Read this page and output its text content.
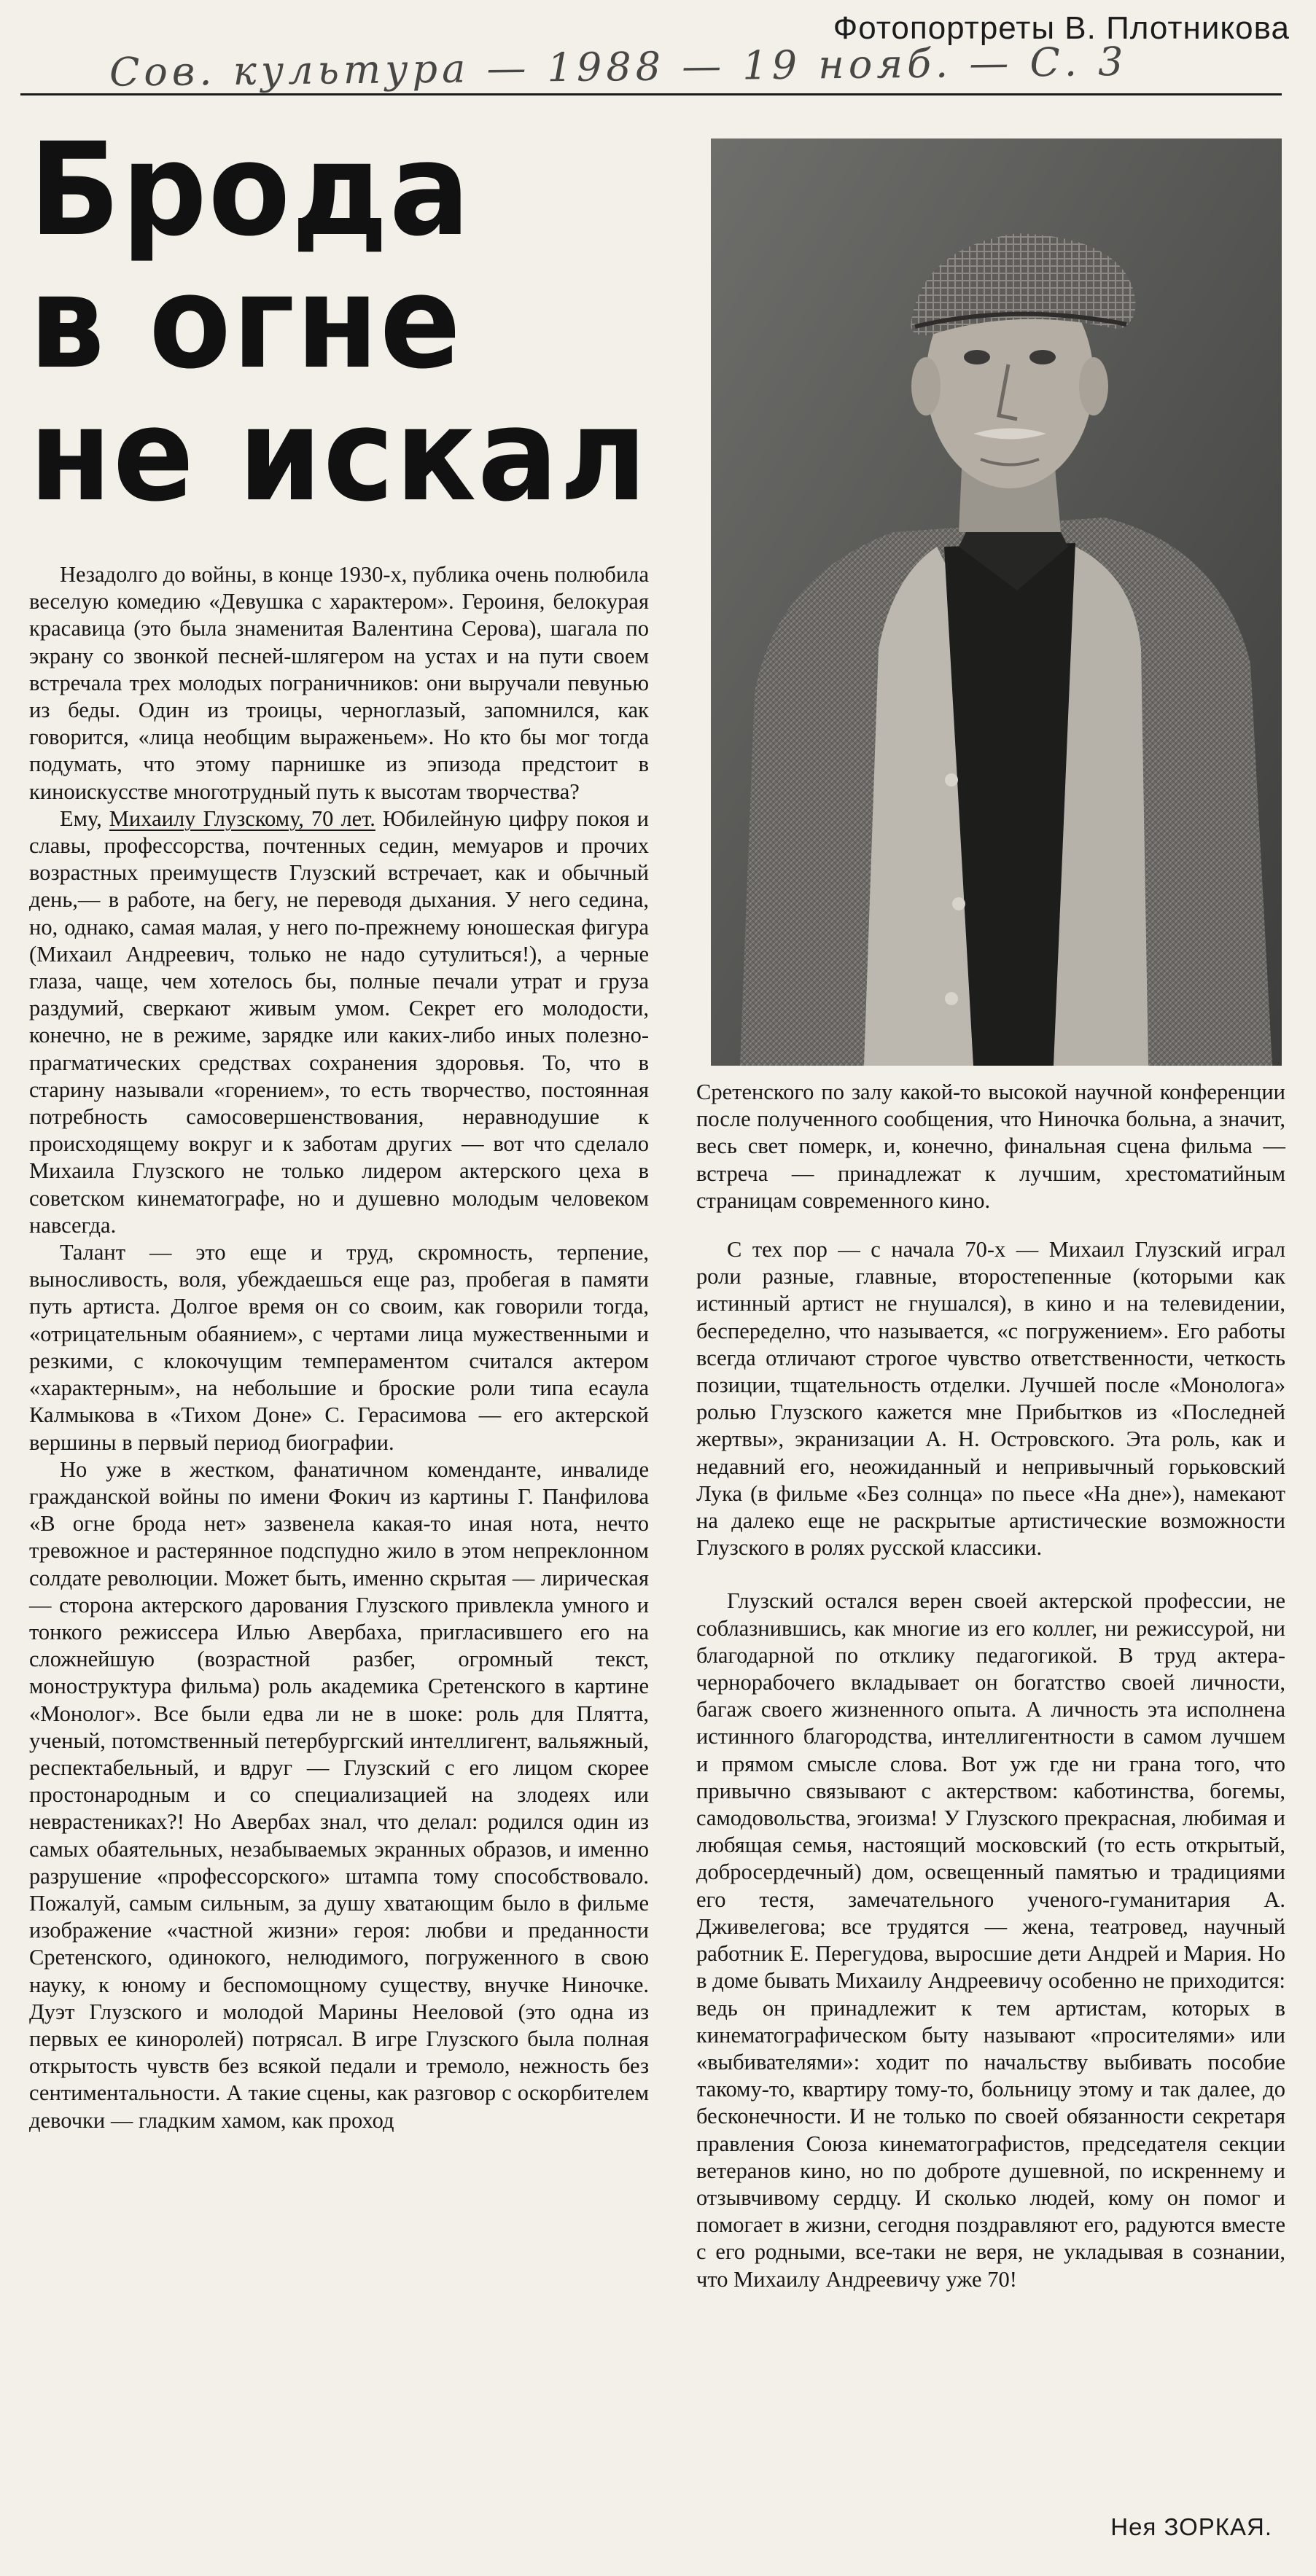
Фотопортреты В. Плотникова
Сов. культура — 1988 — 19 нояб. — С. 3
Брода
в огне
не искал

Незадолго до войны, в конце 1930-х, публика очень полюбила веселую комедию «Девушка с характером». Героиня, белокурая красавица (это была знаменитая Валентина Серова), шагала по экрану со звонкой песней-шлягером на устах и на пути своем встречала трех молодых пограничников: они выручали певунью из беды. Один из троицы, черноглазый, запомнился, как говорится, «лица необщим выраженьем». Но кто бы мог тогда подумать, что этому парнишке из эпизода предстоит в киноискусстве многотрудный путь к высотам творчества?

Ему, Михаилу Глузскому, 70 лет. Юбилейную цифру покоя и славы, профессорства, почтенных седин, мемуаров и прочих возрастных преимуществ Глузский встречает, как и обычный день,— в работе, на бегу, не переводя дыхания. У него седина, но, однако, самая малая, у него по-прежнему юношеская фигура (Михаил Андреевич, только не надо сутулиться!), а черные глаза, чаще, чем хотелось бы, полные печали утрат и груза раздумий, сверкают живым умом. Секрет его молодости, конечно, не в режиме, зарядке или каких-либо иных полезно-прагматических средствах сохранения здоровья. То, что в старину называли «горением», то есть творчество, постоянная потребность самосовершенствования, неравнодушие к происходящему вокруг и к заботам других — вот что сделало Михаила Глузского не только лидером актерского цеха в советском кинематографе, но и душевно молодым человеком навсегда.

Талант — это еще и труд, скромность, терпение, выносливость, воля, убеждаешься еще раз, пробегая в памяти путь артиста. Долгое время он со своим, как говорили тогда, «отрицательным обаянием», с чертами лица мужественными и резкими, с клокочущим темпераментом считался актером «характерным», на небольшие и броские роли типа есаула Калмыкова в «Тихом Доне» С. Герасимова — его актерской вершины в первый период биографии.

Но уже в жестком, фанатичном коменданте, инвалиде гражданской войны по имени Фокич из картины Г. Панфилова «В огне брода нет» зазвенела какая-то иная нота, нечто тревожное и растерянное подспудно жило в этом непреклонном солдате революции. Может быть, именно скрытая — лирическая — сторона актерского дарования Глузского привлекла умного и тонкого режиссера Илью Авербаха, пригласившего его на сложнейшую (возрастной разбег, огромный текст, моноструктура фильма) роль академика Сретенского в картине «Монолог». Все были едва ли не в шоке: роль для Плятта, ученый, потомственный петербургский интеллигент, вальяжный, респектабельный, и вдруг — Глузский с его лицом скорее простонародным и со специализацией на злодеях или неврастениках?! Но Авербах знал, что делал: родился один из самых обаятельных, незабываемых экранных образов, и именно разрушение «профессорского» штампа тому способствовало. Пожалуй, самым сильным, за душу хватающим было в фильме изображение «частной жизни» героя: любви и преданности Сретенского, одинокого, нелюдимого, погруженного в свою науку, к юному и беспомощному существу, внучке Ниночке. Дуэт Глузского и молодой Марины Нееловой (это одна из первых ее киноролей) потрясал. В игре Глузского была полная открытость чувств без всякой педали и тремоло, нежность без сентиментальности. А такие сцены, как разговор с оскорбителем девочки — гладким хамом, как проход

Сретенского по залу какой-то высокой научной конференции после полученного сообщения, что Ниночка больна, а значит, весь свет померк, и, конечно, финальная сцена фильма — встреча — принадлежат к лучшим, хрестоматийным страницам современного кино.

С тех пор — с начала 70-х — Михаил Глузский играл роли разные, главные, второстепенные (которыми как истинный артист не гнушался), в кино и на телевидении, беспеределно, что называется, «с погружением». Его работы всегда отличают строгое чувство ответственности, четкость позиции, тщательность отделки. Лучшей после «Монолога» ролью Глузского кажется мне Прибытков из «Последней жертвы», экранизации А. Н. Островского. Эта роль, как и недавний его, неожиданный и непривычный горьковский Лука (в фильме «Без солнца» по пьесе «На дне»), намекают на далеко еще не раскрытые артистические возможности Глузского в ролях русской классики.

Глузский остался верен своей актерской профессии, не соблазнившись, как многие из его коллег, ни режиссурой, ни благодарной по отклику педагогикой. В труд актера-чернорабочего вкладывает он богатство своей личности, багаж своего жизненного опыта. А личность эта исполнена истинного благородства, интеллигентности в самом лучшем и прямом смысле слова. Вот уж где ни грана того, что привычно связывают с актерством: каботинства, богемы, самодовольства, эгоизма! У Глузского прекрасная, любимая и любящая семья, настоящий московский (то есть открытый, добросердечный) дом, освещенный памятью и традициями его тестя, замечательного ученого-гуманитария А. Дживелегова; все трудятся — жена, театровед, научный работник Е. Перегудова, выросшие дети Андрей и Мария. Но в доме бывать Михаилу Андреевичу особенно не приходится: ведь он принадлежит к тем артистам, которых в кинематографическом быту называют «просителями» или «выбивателями»: ходит по начальству выбивать пособие такому-то, квартиру тому-то, больницу этому и так далее, до бесконечности. И не только по своей обязанности секретаря правления Союза кинематографистов, председателя секции ветеранов кино, но по доброте душевной, по искреннему и отзывчивому сердцу. И сколько людей, кому он помог и помогает в жизни, сегодня поздравляют его, радуются вместе с его родными, все-таки не веря, не укладывая в сознании, что Михаилу Андреевичу уже 70!

Нея ЗОРКАЯ.
